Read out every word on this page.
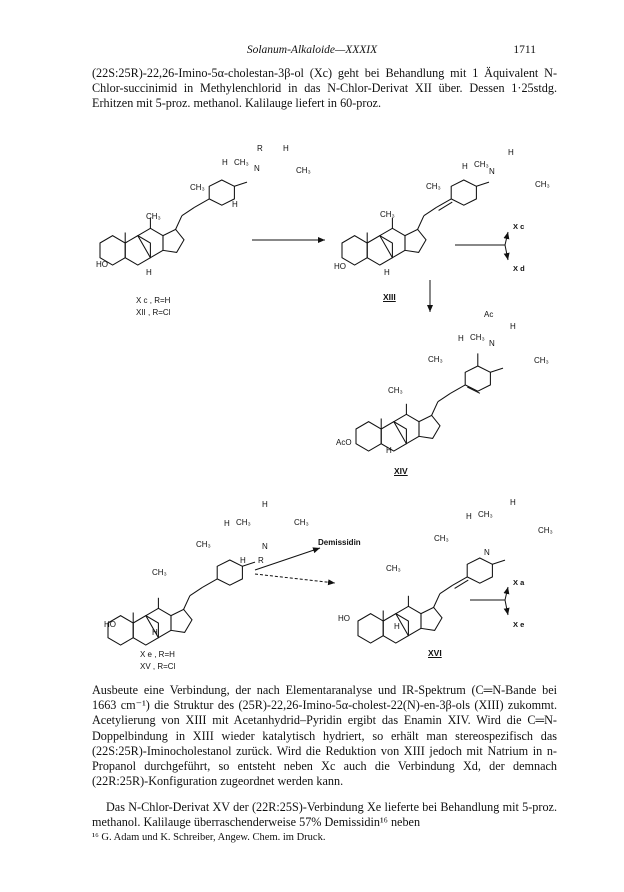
Solanum-Alkaloide—XXXIX	1711

(22S:25R)-22,26-Imino-5α-cholestan-3β-ol (Xc) geht bei Behandlung mit 1 Äquivalent N-Chlor-succinimid in Methylenchlorid in das N-Chlor-Derivat XII über. Dessen 1·25stdg. Erhitzen mit 5-proz. methanol. Kalilauge liefert in 60-proz.

R	H
H CH₃
N	CH₃
CH₃
H
CH₃
HO
H
X c , R=H
XII , R=Cl
H
H CH₃
N
CH₃
CH₃
CH₃
HO
H
XIII
X c
X d
Ac
H
H CH₃
N
CH₃
CH₃
CH₃
AcO
H
XIV
H
H CH₃	CH₃
CH₃	N
H R
CH₃
HO
H
X e , R=H
XV , R=Cl
Demissidin
H
H CH₃
CH₃
CH₃
N
CH₃
HO
H
XVI
X a
X e

Ausbeute eine Verbindung, der nach Elementaranalyse und IR-Spektrum (C═N-Bande bei 1663 cm⁻¹) die Struktur des (25R)-22,26-Imino-5α-cholest-22(N)-en-3β-ols (XIII) zukommt. Acetylierung von XIII mit Acetanhydrid–Pyridin ergibt das Enamin XIV. Wird die C═N-Doppelbindung in XIII wieder katalytisch hydriert, so erhält man stereospezifisch das (22S:25R)-Iminocholestanol zurück. Wird die Reduktion von XIII jedoch mit Natrium in n-Propanol durchgeführt, so entsteht neben Xc auch die Verbindung Xd, der demnach (22R:25R)-Konfiguration zugeordnet werden kann.

Das N-Chlor-Derivat XV der (22R:25S)-Verbindung Xe lieferte bei Behandlung mit 5-proz. methanol. Kalilauge überraschenderweise 57% Demissidin¹⁶ neben

¹⁶ G. Adam und K. Schreiber, Angew. Chem. im Druck.
